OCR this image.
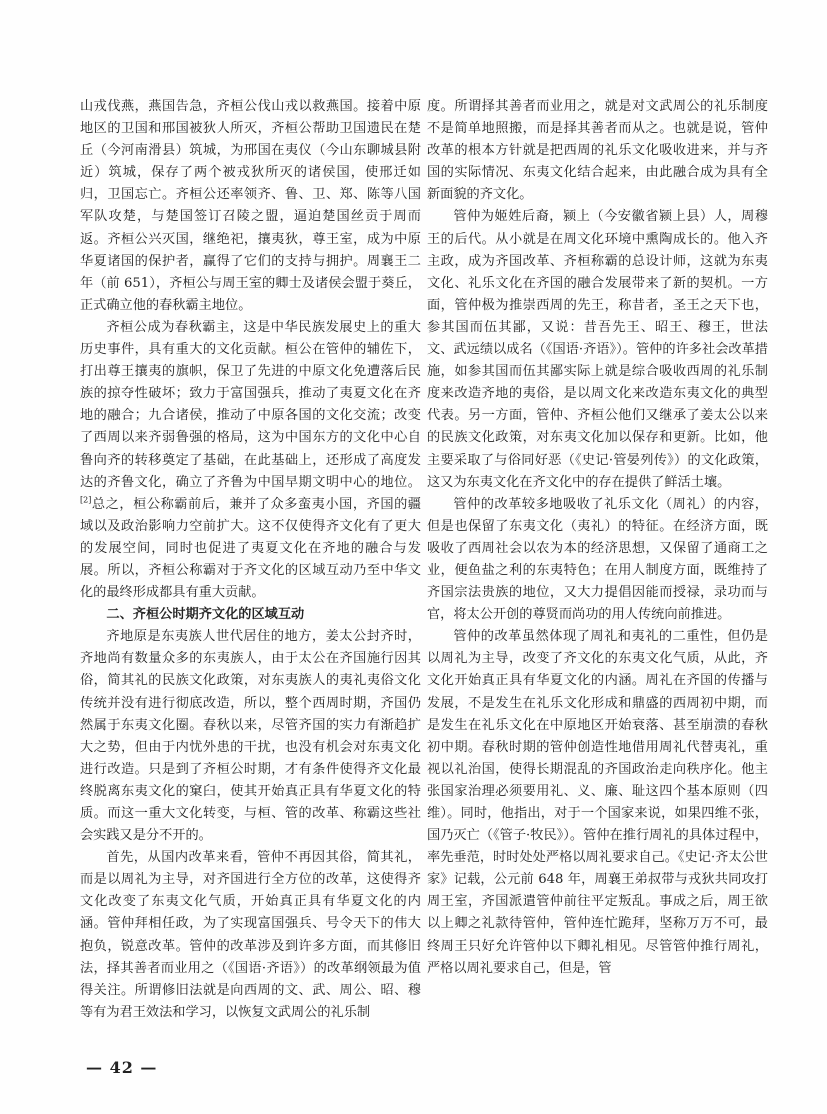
山戎伐燕，燕国告急，齐桓公伐山戎以救燕国。接着中原地区的卫国和邢国被狄人所灭，齐桓公帮助卫国遗民在楚丘（今河南滑县）筑城，为邢国在夷仪（今山东聊城县附近）筑城，保存了两个被戎狄所灭的诸侯国，使邢迁如归，卫国忘亡。齐桓公还率领齐、鲁、卫、郑、陈等八国军队攻楚，与楚国签订召陵之盟，逼迫楚国丝贡于周而返。齐桓公兴灭国，继绝祀，攘夷狄，尊王室，成为中原华夏诸国的保护者，赢得了它们的支持与拥护。周襄王二年（前 651），齐桓公与周王室的卿士及诸侯会盟于葵丘，正式确立他的春秋霸主地位。

齐桓公成为春秋霸主，这是中华民族发展史上的重大历史事件，具有重大的文化贡献。桓公在管仲的辅佐下，打出尊王攘夷的旗帜，保卫了先进的中原文化免遭落后民族的掠夺性破坏；致力于富国强兵，推动了夷夏文化在齐地的融合；九合诸侯，推动了中原各国的文化交流；改变了西周以来齐弱鲁强的格局，这为中国东方的文化中心自鲁向齐的转移奠定了基础，在此基础上，还形成了高度发达的齐鲁文化，确立了齐鲁为中国早期文明中心的地位。[2]总之，桓公称霸前后，兼并了众多蛮夷小国，齐国的疆域以及政治影响力空前扩大。这不仅使得齐文化有了更大的发展空间，同时也促进了夷夏文化在齐地的融合与发展。所以，齐桓公称霸对于齐文化的区域互动乃至中华文化的最终形成都具有重大贡献。

二、齐桓公时期齐文化的区域互动

齐地原是东夷族人世代居住的地方，姜太公封齐时，齐地尚有数量众多的东夷族人，由于太公在齐国施行因其俗，简其礼的民族文化政策，对东夷族人的夷礼夷俗文化传统并没有进行彻底改造，所以，整个西周时期，齐国仍然属于东夷文化圈。春秋以来，尽管齐国的实力有渐趋扩大之势，但由于内忧外患的干扰，也没有机会对东夷文化进行改造。只是到了齐桓公时期，才有条件使得齐文化最终脱离东夷文化的窠臼，使其开始真正具有华夏文化的特质。而这一重大文化转变，与桓、管的改革、称霸这些社会实践又是分不开的。

首先，从国内改革来看，管仲不再因其俗，简其礼，而是以周礼为主导，对齐国进行全方位的改革，这使得齐文化改变了东夷文化气质，开始真正具有华夏文化的内涵。管仲拜相任政，为了实现富国强兵、号令天下的伟大抱负，锐意改革。管仲的改革涉及到许多方面，而其修旧法，择其善者而业用之（《国语·齐语》）的改革纲领最为值得关注。所谓修旧法就是向西周的文、武、周公、昭、穆等有为君王效法和学习，以恢复文武周公的礼乐制

度。所谓择其善者而业用之，就是对文武周公的礼乐制度不是简单地照搬，而是择其善者而从之。也就是说，管仲改革的根本方针就是把西周的礼乐文化吸收进来，并与齐国的实际情况、东夷文化结合起来，由此融合成为具有全新面貌的齐文化。

管仲为姬姓后裔，颍上（今安徽省颍上县）人，周穆王的后代。从小就是在周文化环境中熏陶成长的。他入齐主政，成为齐国改革、齐桓称霸的总设计师，这就为东夷文化、礼乐文化在齐国的融合发展带来了新的契机。一方面，管仲极为推崇西周的先王，称昔者，圣王之天下也，参其国而伍其鄙，又说：昔吾先王、昭王、穆王，世法文、武远绩以成名（《国语·齐语》）。管仲的许多社会改革措施，如参其国而伍其鄙实际上就是综合吸收西周的礼乐制度来改造齐地的夷俗，是以周文化来改造东夷文化的典型代表。另一方面，管仲、齐桓公他们又继承了姜太公以来的民族文化政策，对东夷文化加以保存和更新。比如，他主要采取了与俗同好恶（《史记·管晏列传》）的文化政策，这又为东夷文化在齐文化中的存在提供了鲜活土壤。

管仲的改革较多地吸收了礼乐文化（周礼）的内容，但是也保留了东夷文化（夷礼）的特征。在经济方面，既吸收了西周社会以农为本的经济思想，又保留了通商工之业，便鱼盐之利的东夷特色；在用人制度方面，既维持了齐国宗法贵族的地位，又大力提倡因能而授禄，录功而与官，将太公开创的尊贤而尚功的用人传统向前推进。

管仲的改革虽然体现了周礼和夷礼的二重性，但仍是以周礼为主导，改变了齐文化的东夷文化气质，从此，齐文化开始真正具有华夏文化的内涵。周礼在齐国的传播与发展，不是发生在礼乐文化形成和鼎盛的西周初中期，而是发生在礼乐文化在中原地区开始衰落、甚至崩溃的春秋初中期。春秋时期的管仲创造性地借用周礼代替夷礼，重视以礼治国，使得长期混乱的齐国政治走向秩序化。他主张国家治理必须要用礼、义、廉、耻这四个基本原则（四维）。同时，他指出，对于一个国家来说，如果四维不张，国乃灭亡（《管子·牧民》）。管仲在推行周礼的具体过程中，率先垂范，时时处处严格以周礼要求自己。《史记·齐太公世家》记载，公元前 648 年，周襄王弟叔带与戎狄共同攻打周王室，齐国派遣管仲前往平定叛乱。事成之后，周王欲以上卿之礼款待管仲，管仲连忙跪拜，坚称万万不可，最终周王只好允许管仲以下卿礼相见。尽管管仲推行周礼，严格以周礼要求自己，但是，管

— 42 —
